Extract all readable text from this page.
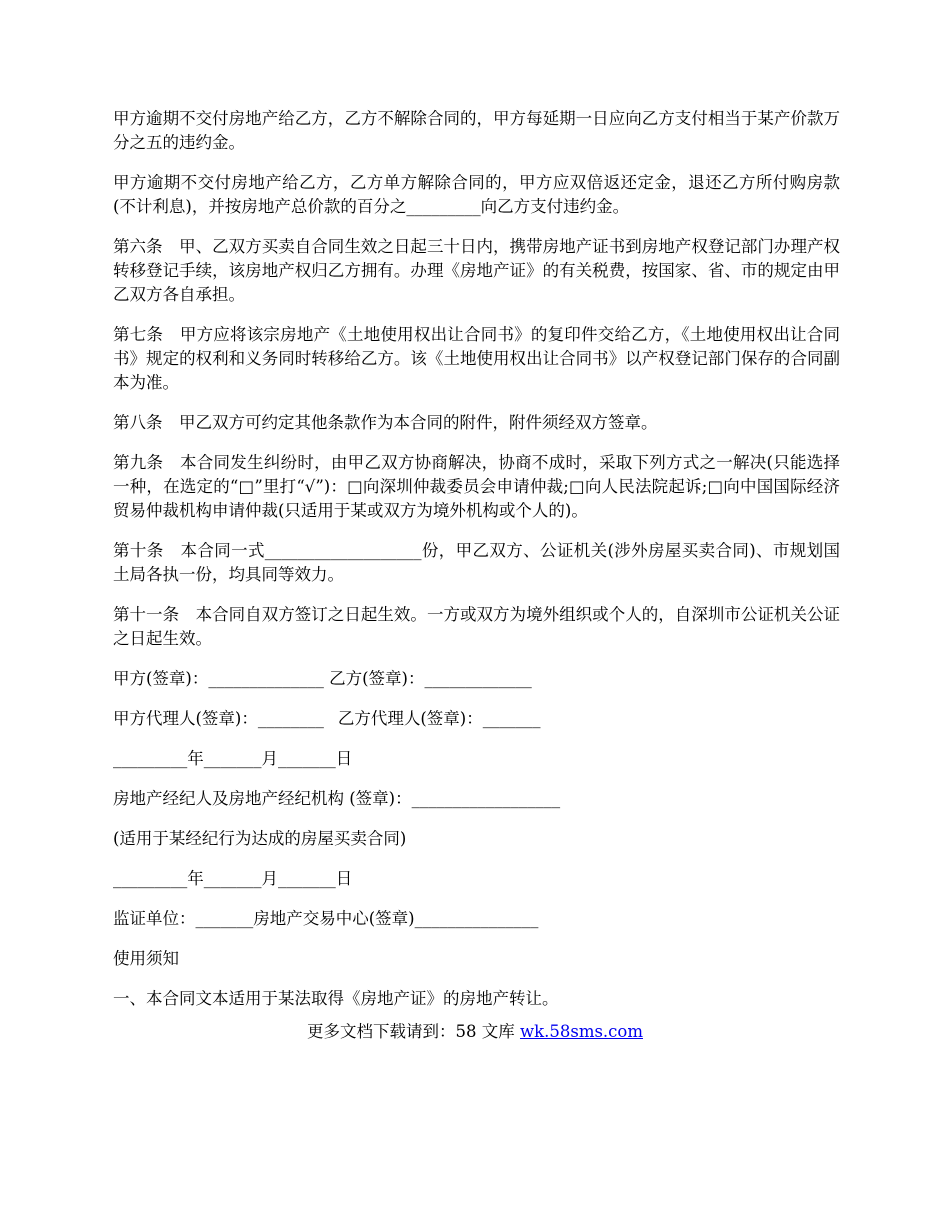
甲方逾期不交付房地产给乙方，乙方不解除合同的，甲方每延期一日应向乙方支付相当于某产价款万分之五的违约金。

甲方逾期不交付房地产给乙方，乙方单方解除合同的，甲方应双倍返还定金，退还乙方所付购房款(不计利息)，并按房地产总价款的百分之_________向乙方支付违约金。

第六条　甲、乙双方买卖自合同生效之日起三十日内，携带房地产证书到房地产权登记部门办理产权转移登记手续，该房地产权归乙方拥有。办理《房地产证》的有关税费，按国家、省、市的规定由甲乙双方各自承担。

第七条　甲方应将该宗房地产《土地使用权出让合同书》的复印件交给乙方，《土地使用权出让合同书》规定的权利和义务同时转移给乙方。该《土地使用权出让合同书》以产权登记部门保存的合同副本为准。

第八条　甲乙双方可约定其他条款作为本合同的附件，附件须经双方签章。

第九条　本合同发生纠纷时，由甲乙双方协商解决，协商不成时，采取下列方式之一解决(只能选择一种，在选定的“□”里打“√”)：□向深圳仲裁委员会申请仲裁;□向人民法院起诉;□向中国国际经济贸易仲裁机构申请仲裁(只适用于某或双方为境外机构或个人的)。

第十条　本合同一式___________________份，甲乙双方、公证机关(涉外房屋买卖合同)、市规划国土局各执一份，均具同等效力。

第十一条　本合同自双方签订之日起生效。一方或双方为境外组织或个人的，自深圳市公证机关公证之日起生效。

甲方(签章)：______________ 乙方(签章)：_____________

甲方代理人(签章)：________ 乙方代理人(签章)：_______

_________年_______月_______日

房地产经纪人及房地产经纪机构 (签章)：__________________

(适用于某经纪行为达成的房屋买卖合同)

_________年_______月_______日

监证单位：_______房地产交易中心(签章)_______________

使用须知

一、本合同文本适用于某法取得《房地产证》的房地产转让。

更多文档下载请到：58 文库 wk.58sms.com
